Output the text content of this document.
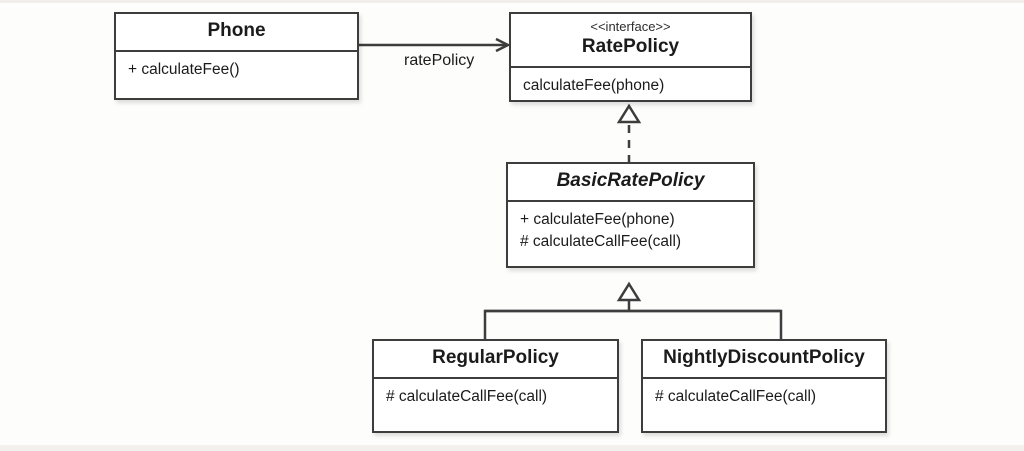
Phone
+ calculateFee()
<<interface>>
RatePolicy
calculateFee(phone)
ratePolicy
BasicRatePolicy
+ calculateFee(phone)
# calculateCallFee(call)
RegularPolicy
# calculateCallFee(call)
NightlyDiscountPolicy
# calculateCallFee(call)
